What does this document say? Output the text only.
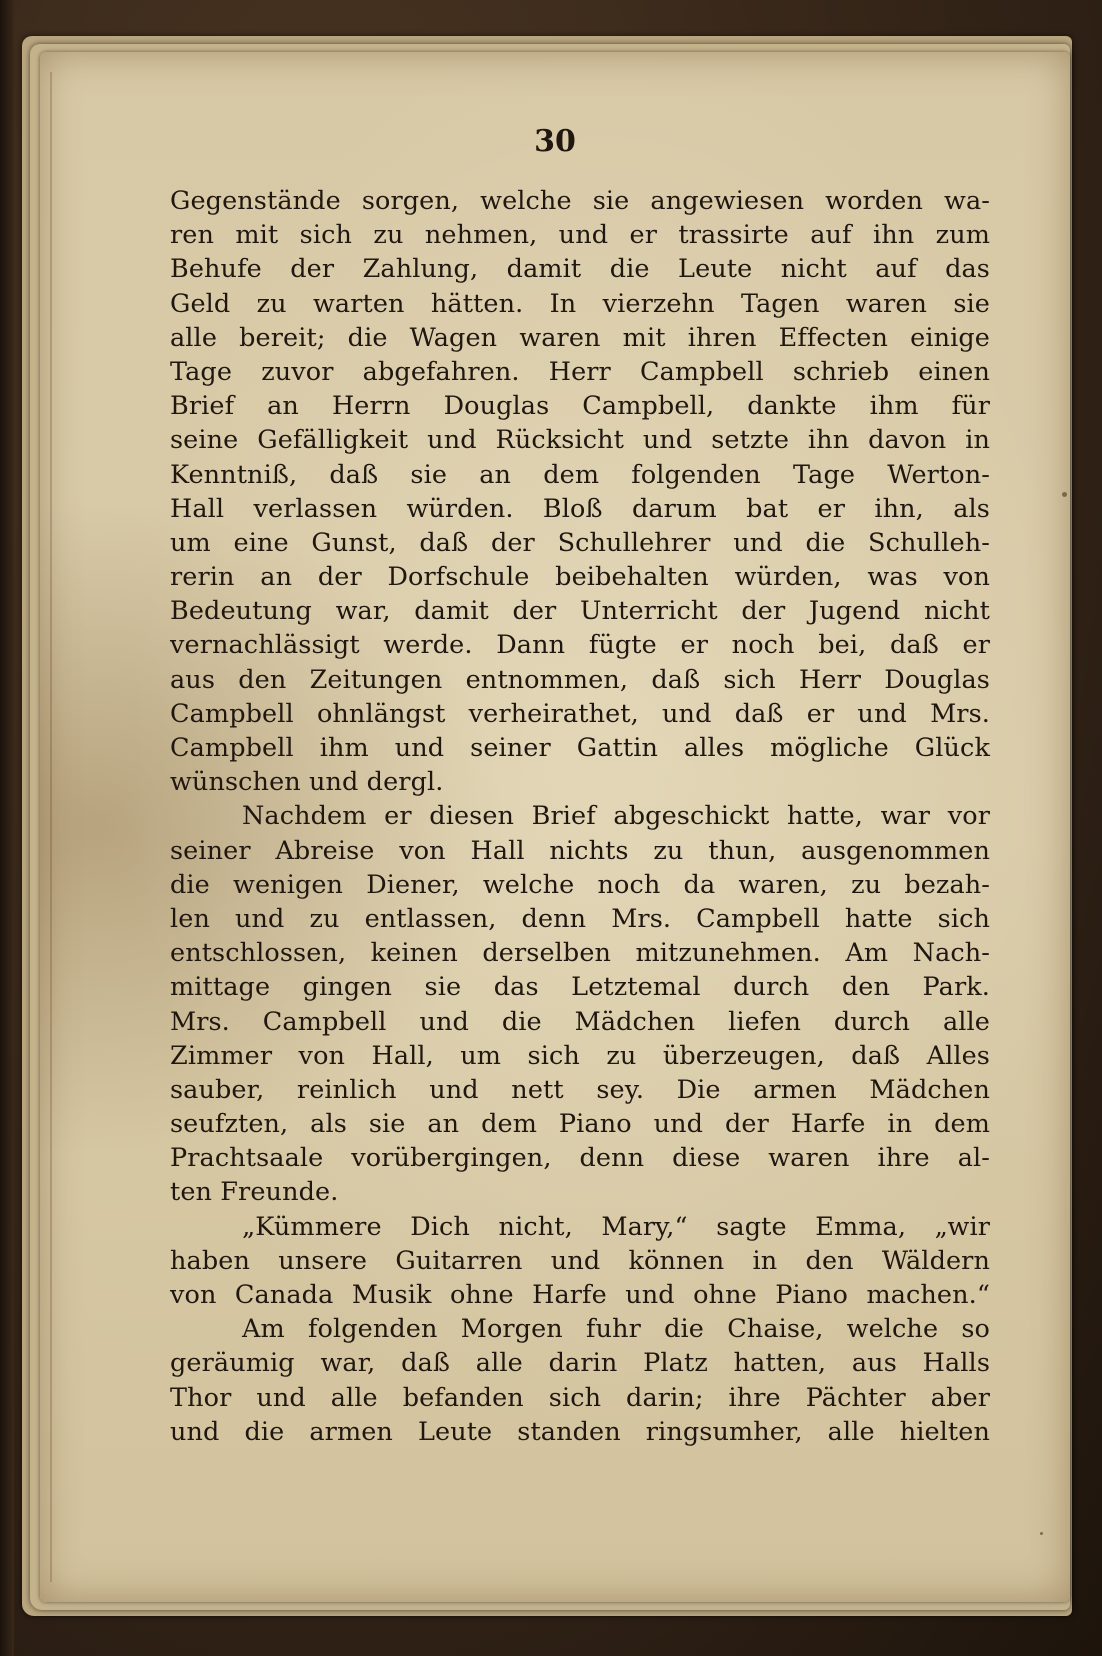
30
Gegenstände sorgen, welche sie angewiesen worden wa-
ren mit sich zu nehmen, und er trassirte auf ihn zum
Behufe der Zahlung, damit die Leute nicht auf das
Geld zu warten hätten. In vierzehn Tagen waren sie
alle bereit; die Wagen waren mit ihren Effecten einige
Tage zuvor abgefahren. Herr Campbell schrieb einen
Brief an Herrn Douglas Campbell, dankte ihm für
seine Gefälligkeit und Rücksicht und setzte ihn davon in
Kenntniß, daß sie an dem folgenden Tage Werton-
Hall verlassen würden. Bloß darum bat er ihn, als
um eine Gunst, daß der Schullehrer und die Schulleh-
rerin an der Dorfschule beibehalten würden, was von
Bedeutung war, damit der Unterricht der Jugend nicht
vernachlässigt werde. Dann fügte er noch bei, daß er
aus den Zeitungen entnommen, daß sich Herr Douglas
Campbell ohnlängst verheirathet, und daß er und Mrs.
Campbell ihm und seiner Gattin alles mögliche Glück
wünschen und dergl.
Nachdem er diesen Brief abgeschickt hatte, war vor
seiner Abreise von Hall nichts zu thun, ausgenommen
die wenigen Diener, welche noch da waren, zu bezah-
len und zu entlassen, denn Mrs. Campbell hatte sich
entschlossen, keinen derselben mitzunehmen. Am Nach-
mittage gingen sie das Letztemal durch den Park.
Mrs. Campbell und die Mädchen liefen durch alle
Zimmer von Hall, um sich zu überzeugen, daß Alles
sauber, reinlich und nett sey. Die armen Mädchen
seufzten, als sie an dem Piano und der Harfe in dem
Prachtsaale vorübergingen, denn diese waren ihre al-
ten Freunde.
„Kümmere Dich nicht, Mary,“ sagte Emma, „wir
haben unsere Guitarren und können in den Wäldern
von Canada Musik ohne Harfe und ohne Piano machen.“
Am folgenden Morgen fuhr die Chaise, welche so
geräumig war, daß alle darin Platz hatten, aus Halls
Thor und alle befanden sich darin; ihre Pächter aber
und die armen Leute standen ringsumher, alle hielten
